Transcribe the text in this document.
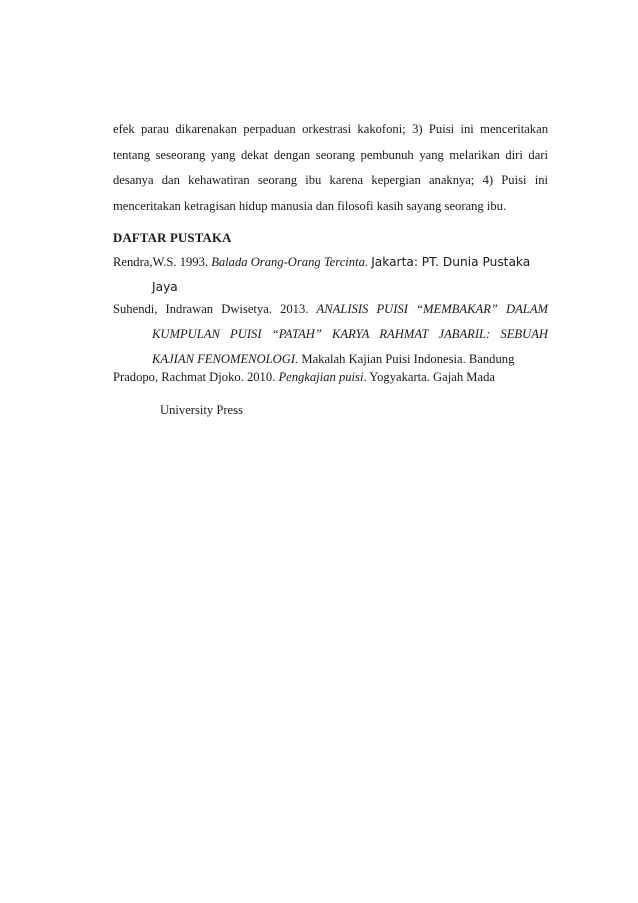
efek parau dikarenakan perpaduan orkestrasi kakofoni; 3) Puisi ini menceritakan
tentang seseorang yang dekat dengan seorang pembunuh yang melarikan diri dari
desanya dan kehawatiran seorang ibu karena kepergian anaknya; 4) Puisi ini
menceritakan ketragisan hidup manusia dan filosofi kasih sayang seorang ibu.
DAFTAR PUSTAKA
Rendra,W.S. 1993. Balada Orang-Orang Tercinta. Jakarta: PT. Dunia Pustaka
Jaya
Suhendi, Indrawan Dwisetya. 2013. ANALISIS PUISI “MEMBAKAR” DALAM
KUMPULAN PUISI “PATAH” KARYA RAHMAT JABARIL: SEBUAH
KAJIAN FENOMENOLOGI. Makalah Kajian Puisi Indonesia. Bandung
Pradopo, Rachmat Djoko. 2010. Pengkajian puisi. Yogyakarta. Gajah Mada
University Press
